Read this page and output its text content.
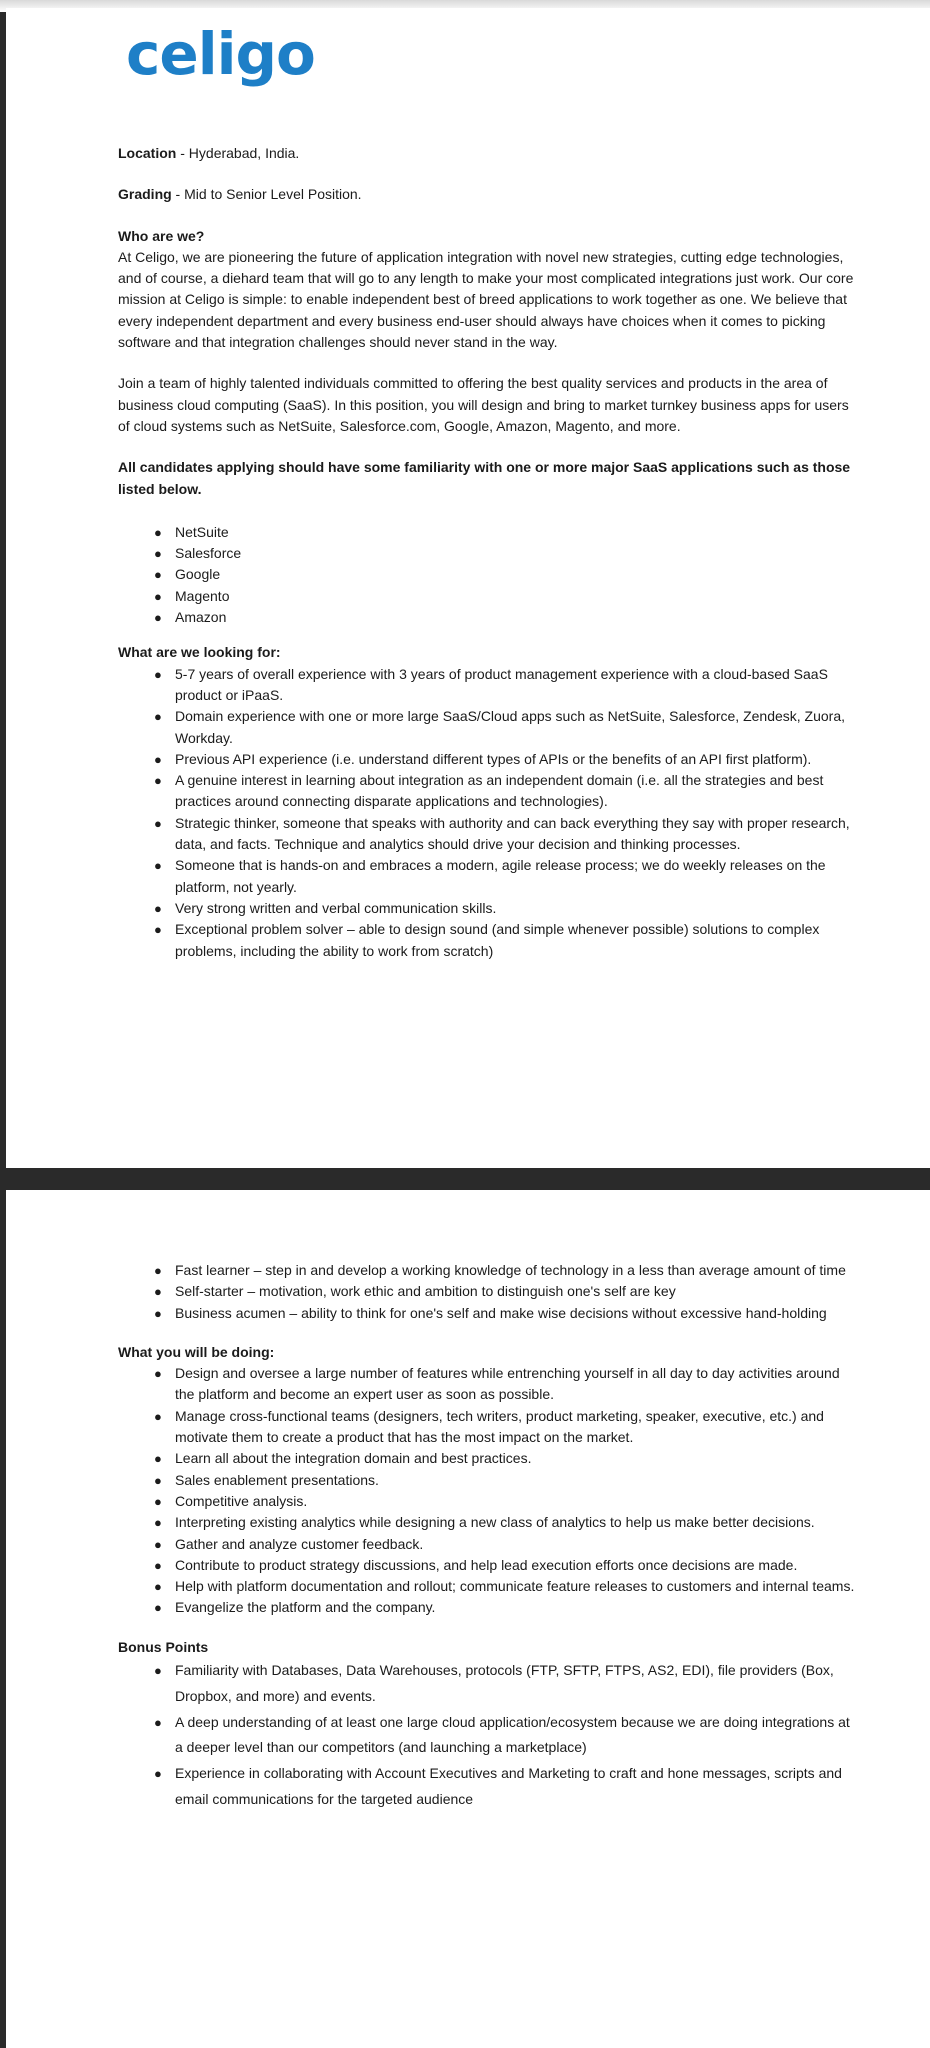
celigo

Location - Hyderabad, India.

Grading - Mid to Senior Level Position.

Who are we?

At Celigo, we are pioneering the future of application integration with novel new strategies, cutting edge technologies, and of course, a diehard team that will go to any length to make your most complicated integrations just work. Our core mission at Celigo is simple: to enable independent best of breed applications to work together as one. We believe that every independent department and every business end-user should always have choices when it comes to picking software and that integration challenges should never stand in the way.

Join a team of highly talented individuals committed to offering the best quality services and products in the area of business cloud computing (SaaS). In this position, you will design and bring to market turnkey business apps for users of cloud systems such as NetSuite, Salesforce.com, Google, Amazon, Magento, and more.

All candidates applying should have some familiarity with one or more major SaaS applications such as those listed below.

● NetSuite
● Salesforce
● Google
● Magento
● Amazon

What are we looking for:

● 5-7 years of overall experience with 3 years of product management experience with a cloud-based SaaS product or iPaaS.
● Domain experience with one or more large SaaS/Cloud apps such as NetSuite, Salesforce, Zendesk, Zuora, Workday.
● Previous API experience (i.e. understand different types of APIs or the benefits of an API first platform).
● A genuine interest in learning about integration as an independent domain (i.e. all the strategies and best practices around connecting disparate applications and technologies).
● Strategic thinker, someone that speaks with authority and can back everything they say with proper research, data, and facts. Technique and analytics should drive your decision and thinking processes.
● Someone that is hands-on and embraces a modern, agile release process; we do weekly releases on the platform, not yearly.
● Very strong written and verbal communication skills.
● Exceptional problem solver – able to design sound (and simple whenever possible) solutions to complex problems, including the ability to work from scratch)
● Fast learner – step in and develop a working knowledge of technology in a less than average amount of time
● Self-starter – motivation, work ethic and ambition to distinguish one's self are key
● Business acumen – ability to think for one's self and make wise decisions without excessive hand-holding

What you will be doing:

● Design and oversee a large number of features while entrenching yourself in all day to day activities around the platform and become an expert user as soon as possible.
● Manage cross-functional teams (designers, tech writers, product marketing, speaker, executive, etc.) and motivate them to create a product that has the most impact on the market.
● Learn all about the integration domain and best practices.
● Sales enablement presentations.
● Competitive analysis.
● Interpreting existing analytics while designing a new class of analytics to help us make better decisions.
● Gather and analyze customer feedback.
● Contribute to product strategy discussions, and help lead execution efforts once decisions are made.
● Help with platform documentation and rollout; communicate feature releases to customers and internal teams.
● Evangelize the platform and the company.

Bonus Points

● Familiarity with Databases, Data Warehouses, protocols (FTP, SFTP, FTPS, AS2, EDI), file providers (Box, Dropbox, and more) and events.
● A deep understanding of at least one large cloud application/ecosystem because we are doing integrations at a deeper level than our competitors (and launching a marketplace)
● Experience in collaborating with Account Executives and Marketing to craft and hone messages, scripts and email communications for the targeted audience
